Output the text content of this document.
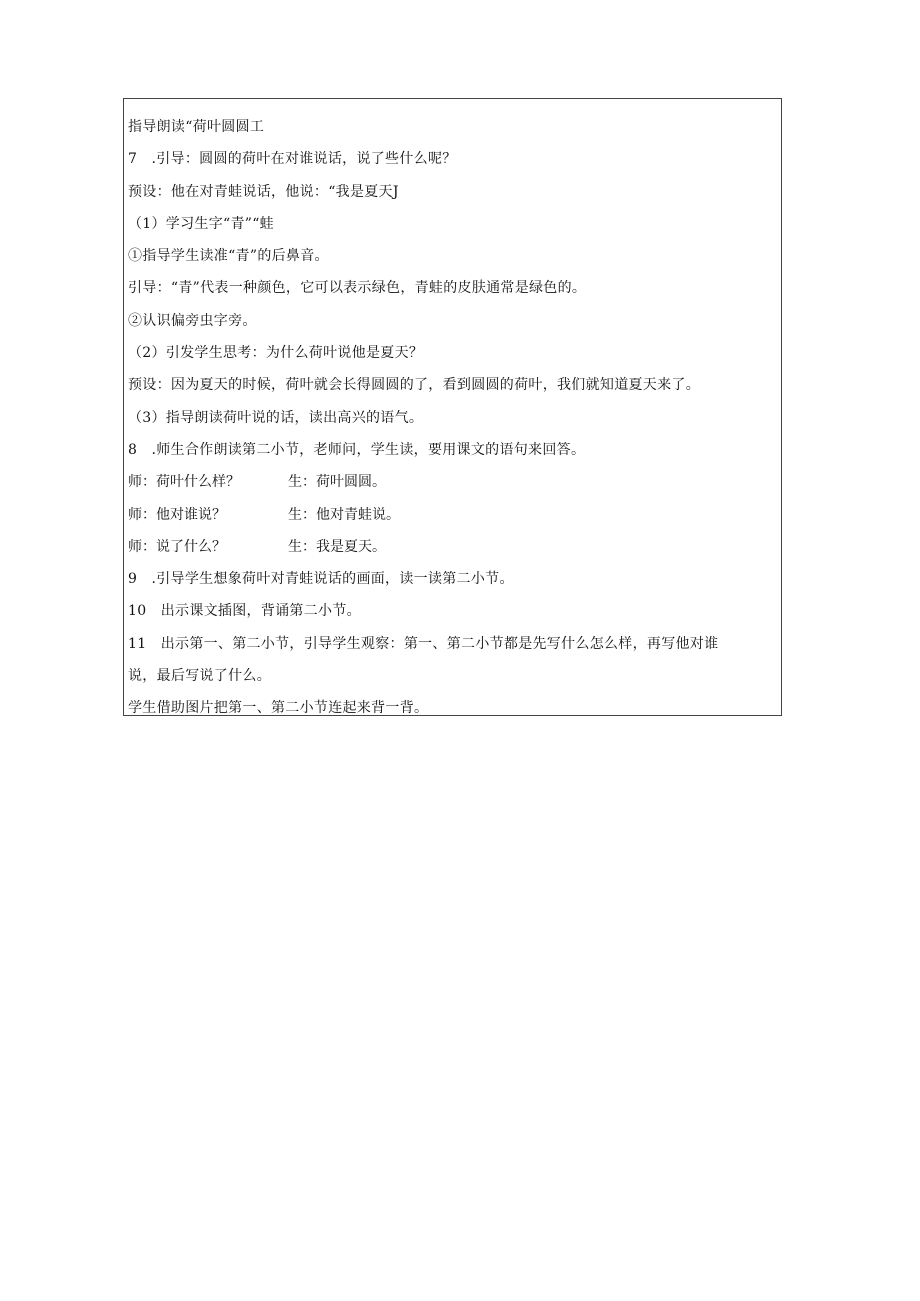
指导朗读“荷叶圆圆工
7　.引导：圆圆的荷叶在对谁说话，说了些什么呢？
预设：他在对青蛙说话，他说：“我是夏天J
（1）学习生字“青”“蛙
①指导学生读准“青”的后鼻音。
引导：“青”代表一种颜色，它可以表示绿色，青蛙的皮肤通常是绿色的。
②认识偏旁虫字旁。
（2）引发学生思考：为什么荷叶说他是夏天？
预设：因为夏天的时候，荷叶就会长得圆圆的了，看到圆圆的荷叶，我们就知道夏天来了。
（3）指导朗读荷叶说的话，读出高兴的语气。
8　.师生合作朗读第二小节，老师问，学生读，要用课文的语句来回答。
师：荷叶什么样？	生：荷叶圆圆。
师：他对谁说？	生：他对青蛙说。
师：说了什么？	生：我是夏天。
9　.引导学生想象荷叶对青蛙说话的画面，读一读第二小节。
10　出示课文插图，背诵第二小节。
11　出示第一、第二小节，引导学生观察：第一、第二小节都是先写什么怎么样，再写他对谁
说，最后写说了什么。
学生借助图片把第一、第二小节连起来背一背。
